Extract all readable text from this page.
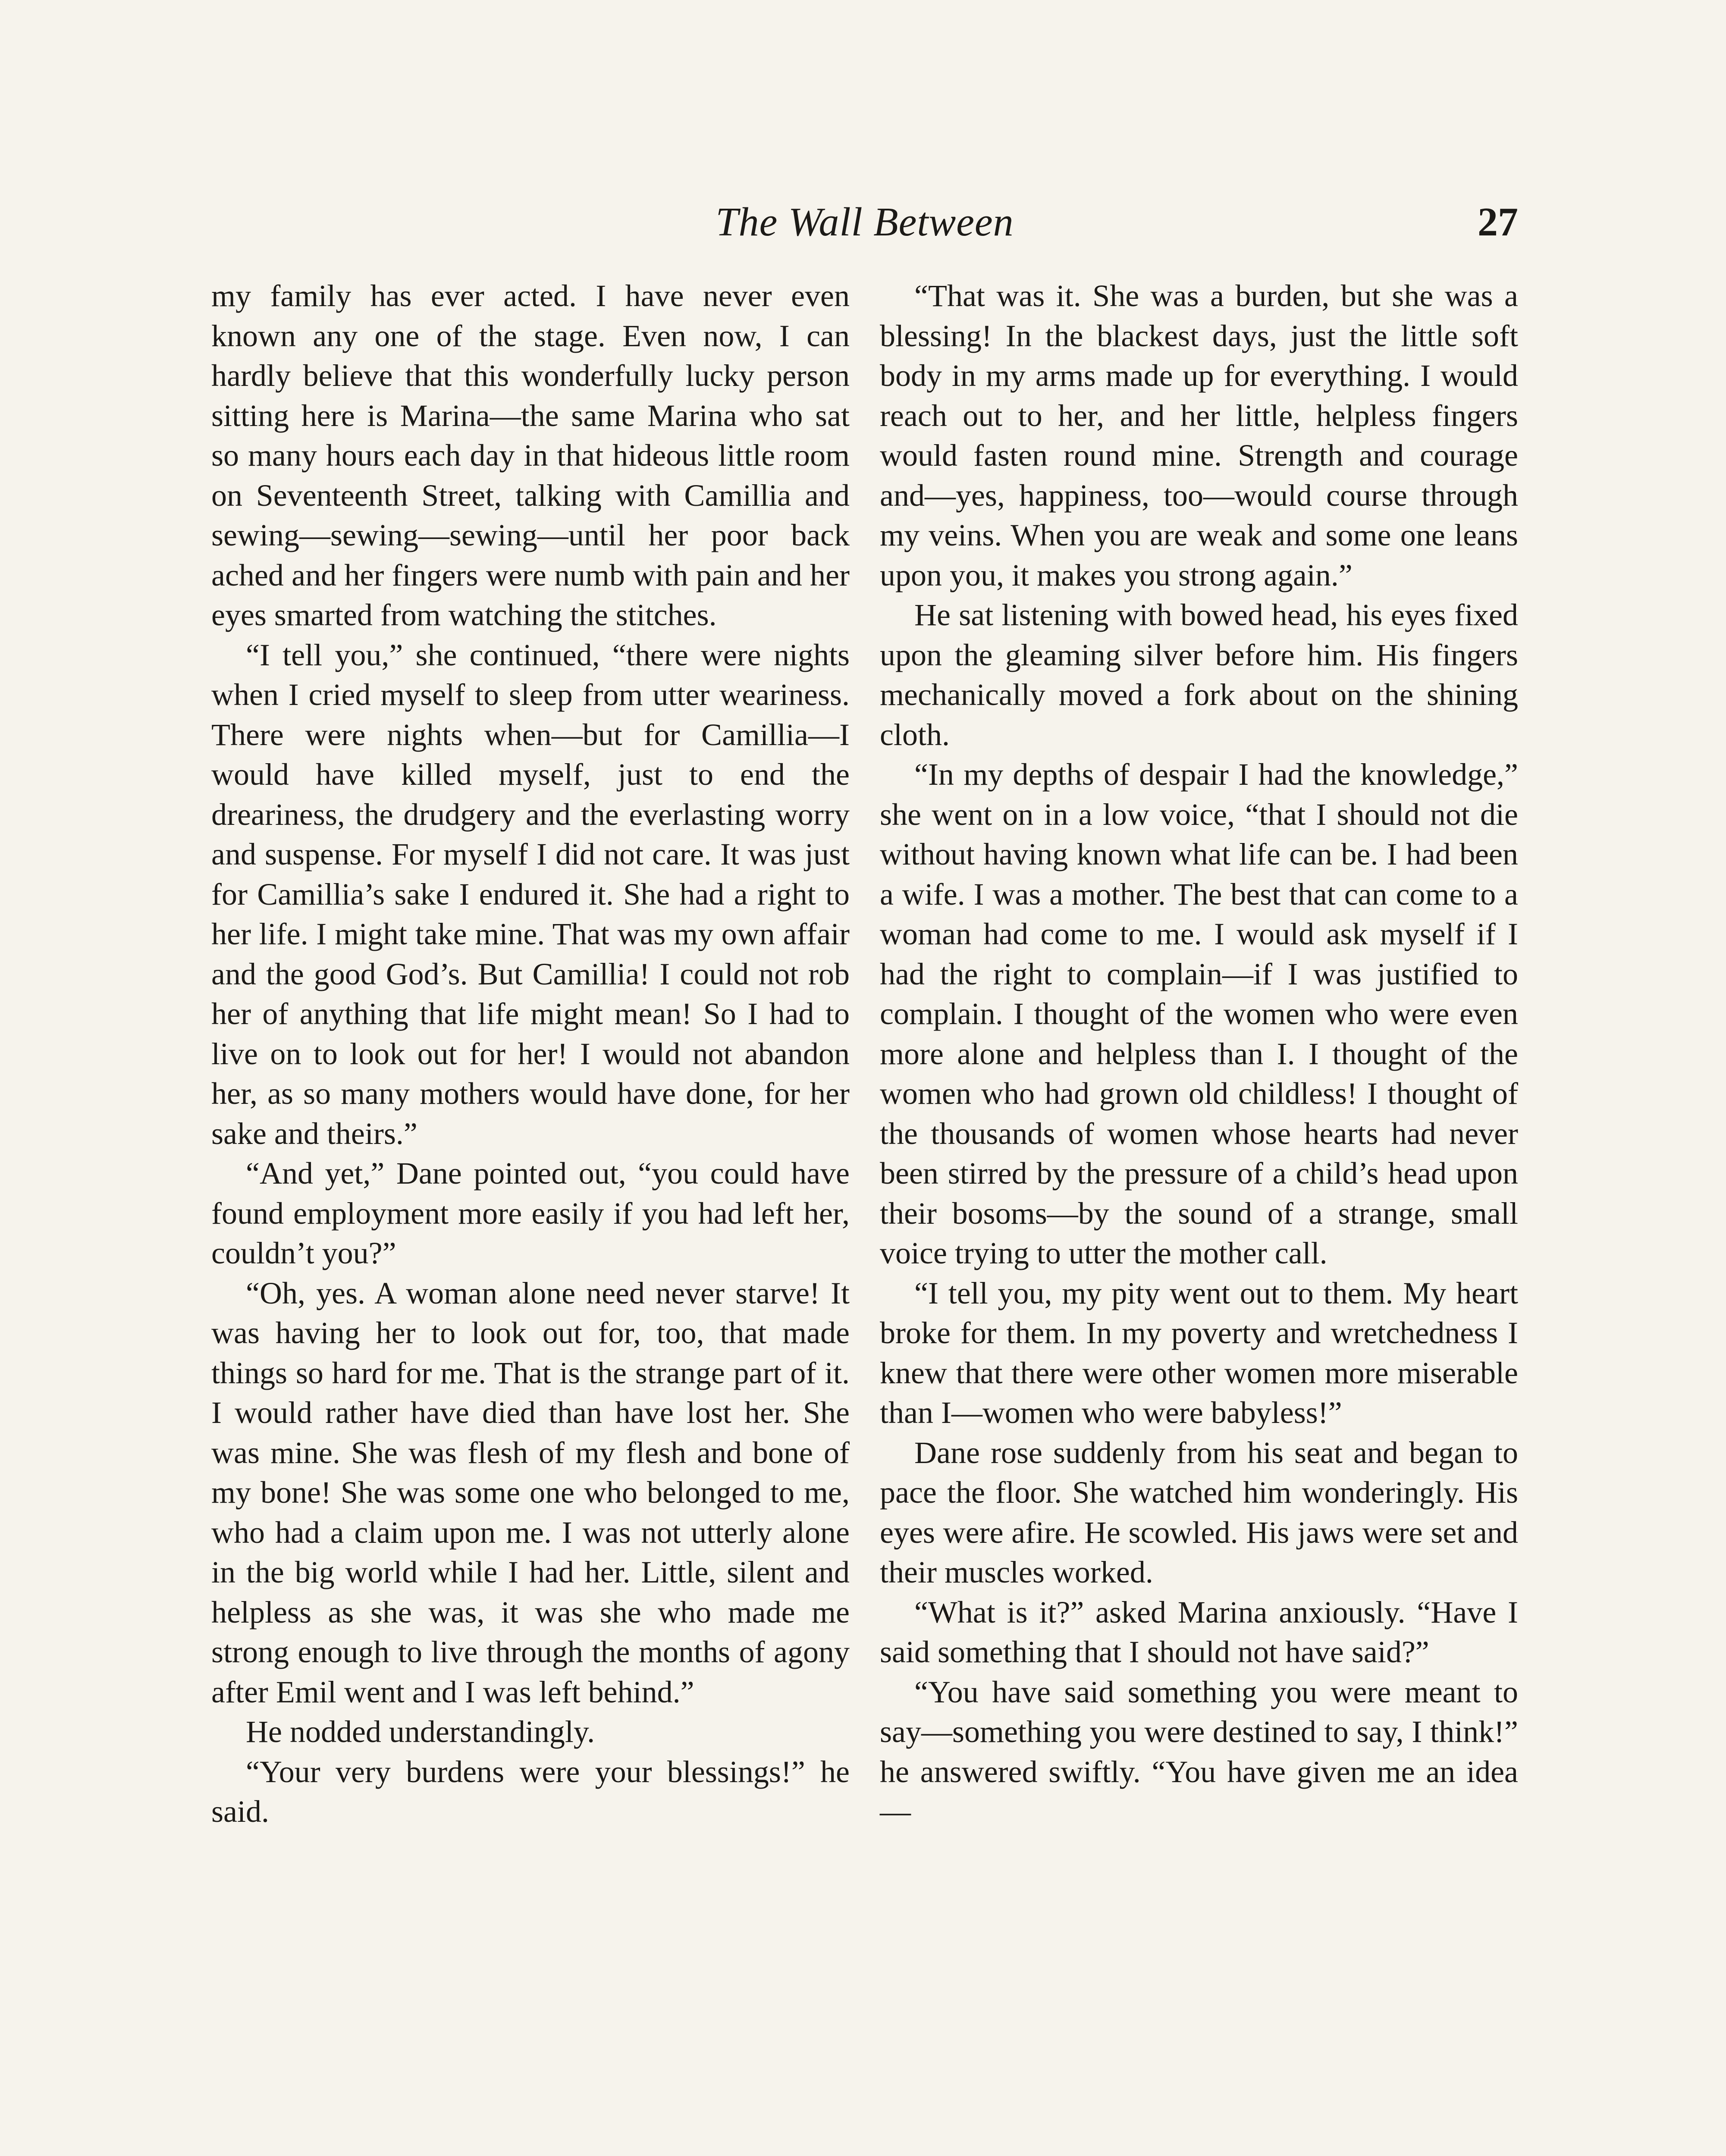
The Wall Between	27

my family has ever acted. I have never even known any one of the stage. Even now, I can hardly believe that this wonderfully lucky person sitting here is Marina—the same Marina who sat so many hours each day in that hideous little room on Seventeenth Street, talking with Camillia and sewing—sewing—sewing—until her poor back ached and her fingers were numb with pain and her eyes smarted from watching the stitches.

“I tell you,” she continued, “there were nights when I cried myself to sleep from utter weariness. There were nights when—but for Camillia—I would have killed myself, just to end the dreariness, the drudgery and the everlasting worry and suspense. For myself I did not care. It was just for Camillia’s sake I endured it. She had a right to her life. I might take mine. That was my own affair and the good God’s. But Camillia! I could not rob her of anything that life might mean! So I had to live on to look out for her! I would not abandon her, as so many mothers would have done, for her sake and theirs.”

“And yet,” Dane pointed out, “you could have found employment more easily if you had left her, couldn’t you?”

“Oh, yes. A woman alone need never starve! It was having her to look out for, too, that made things so hard for me. That is the strange part of it. I would rather have died than have lost her. She was mine. She was flesh of my flesh and bone of my bone! She was some one who belonged to me, who had a claim upon me. I was not utterly alone in the big world while I had her. Little, silent and helpless as she was, it was she who made me strong enough to live through the months of agony after Emil went and I was left behind.”

He nodded understandingly.

“Your very burdens were your blessings!” he said.

“That was it. She was a burden, but she was a blessing! In the blackest days, just the little soft body in my arms made up for everything. I would reach out to her, and her little, helpless fingers would fasten round mine. Strength and courage and—yes, happiness, too—would course through my veins. When you are weak and some one leans upon you, it makes you strong again.”

He sat listening with bowed head, his eyes fixed upon the gleaming silver before him. His fingers mechanically moved a fork about on the shining cloth.

“In my depths of despair I had the knowledge,” she went on in a low voice, “that I should not die without having known what life can be. I had been a wife. I was a mother. The best that can come to a woman had come to me. I would ask myself if I had the right to complain—if I was justified to complain. I thought of the women who were even more alone and helpless than I. I thought of the women who had grown old childless! I thought of the thousands of women whose hearts had never been stirred by the pressure of a child’s head upon their bosoms—by the sound of a strange, small voice trying to utter the mother call.

“I tell you, my pity went out to them. My heart broke for them. In my poverty and wretchedness I knew that there were other women more miserable than I—women who were babyless!”

Dane rose suddenly from his seat and began to pace the floor. She watched him wonderingly. His eyes were afire. He scowled. His jaws were set and their muscles worked.

“What is it?” asked Marina anxiously. “Have I said something that I should not have said?”

“You have said something you were meant to say—something you were destined to say, I think!” he answered swiftly. “You have given me an idea—
